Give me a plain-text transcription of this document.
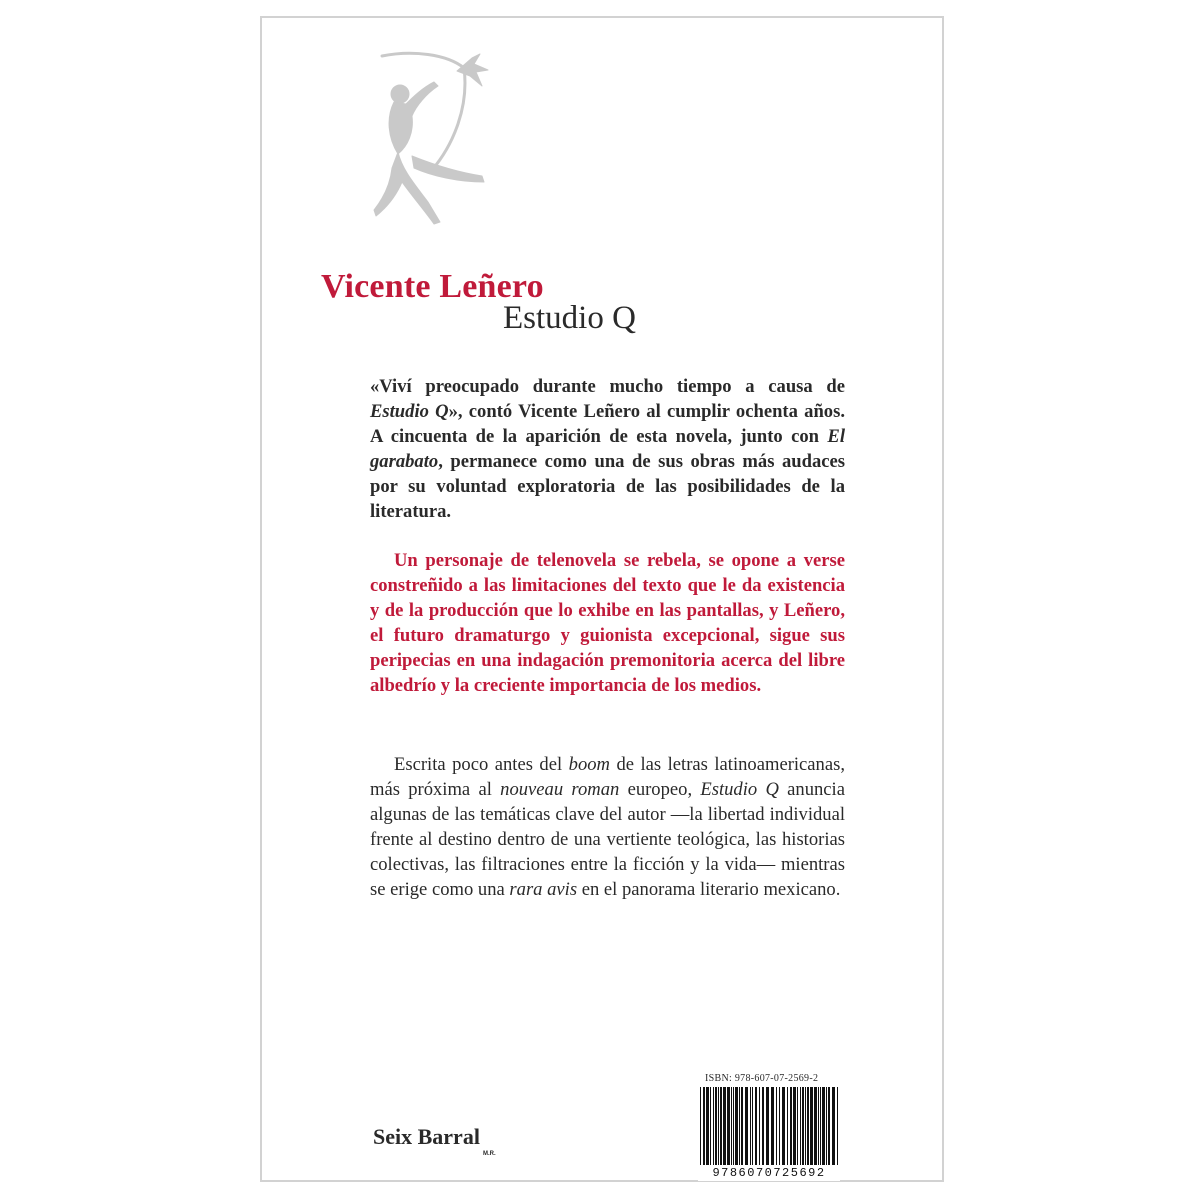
Vicente Leñero
Estudio Q

«Viví preocupado durante mucho tiempo a causa de Estudio Q», contó Vicente Leñero al cumplir ochenta años. A cincuenta de la aparición de esta novela, junto con El garabato, permanece como una de sus obras más audaces por su voluntad exploratoria de las posibilidades de la literatura.

Un personaje de telenovela se rebela, se opone a verse constreñido a las limitaciones del texto que le da existencia y de la producción que lo exhibe en las pantallas, y Leñero, el futuro dramaturgo y guionista excepcional, sigue sus peripecias en una indagación premonitoria acerca del libre albedrío y la creciente importancia de los medios.

Escrita poco antes del boom de las letras latinoamericanas, más próxima al nouveau roman europeo, Estudio Q anuncia algunas de las temáticas clave del autor —la libertad individual frente al destino dentro de una vertiente teológica, las historias colectivas, las filtraciones entre la ficción y la vida— mientras se erige como una rara avis en el panorama literario mexicano.

Seix Barral

M.R.

ISBN: 978-607-07-2569-2

9786070725692
